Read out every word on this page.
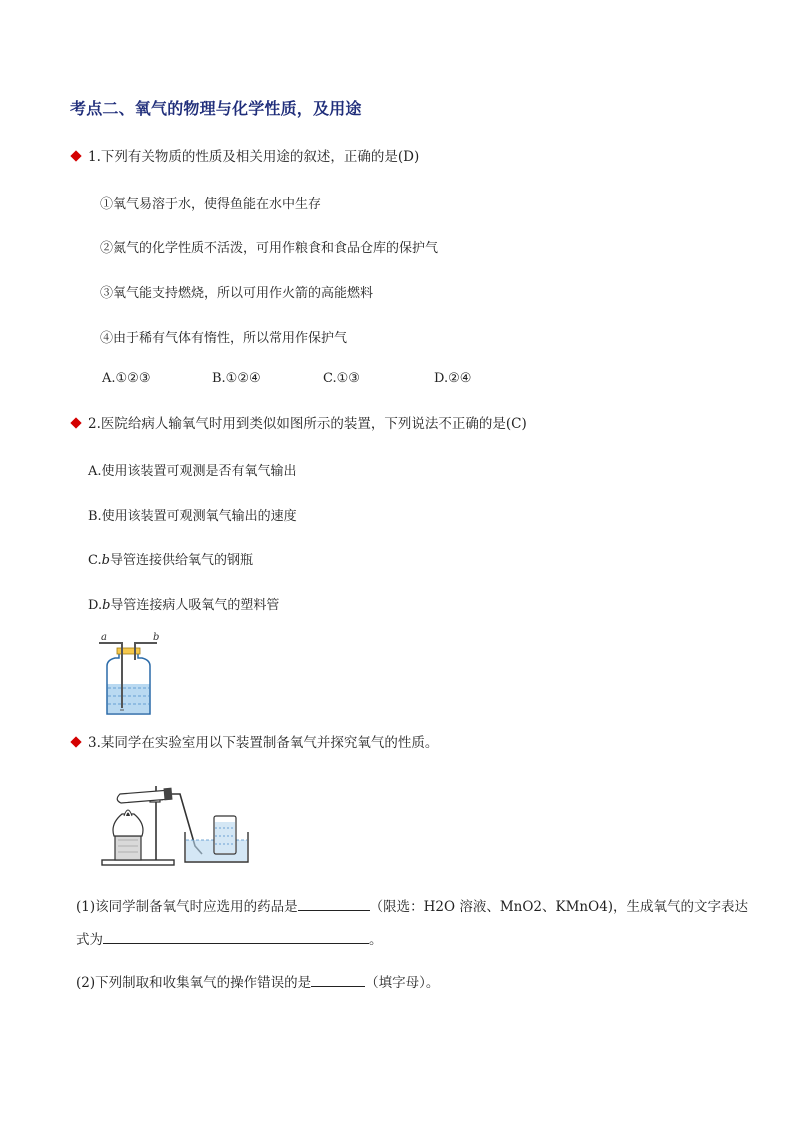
考点二、氧气的物理与化学性质，及用途
1.下列有关物质的性质及相关用途的叙述，正确的是(D)
①氧气易溶于水，使得鱼能在水中生存
②氮气的化学性质不活泼，可用作粮食和食品仓库的保护气
③氧气能支持燃烧，所以可用作火箭的高能燃料
④由于稀有气体有惰性，所以常用作保护气
A.①②③	B.①②④	C.①③	D.②④
2.医院给病人输氧气时用到类似如图所示的装置，下列说法不正确的是(C)
A.使用该装置可观测是否有氧气输出
B.使用该装置可观测氧气输出的速度
C.b导管连接供给氧气的钢瓶
D.b导管连接病人吸氧气的塑料管
a	b
3.某同学在实验室用以下装置制备氧气并探究氧气的性质。
(1)该同学制备氧气时应选用的药品是	（限选：H2O 溶液、MnO2、KMnO4)，生成氧气的文字表达
式为	。
(2)下列制取和收集氧气的操作错误的是	（填字母）。
